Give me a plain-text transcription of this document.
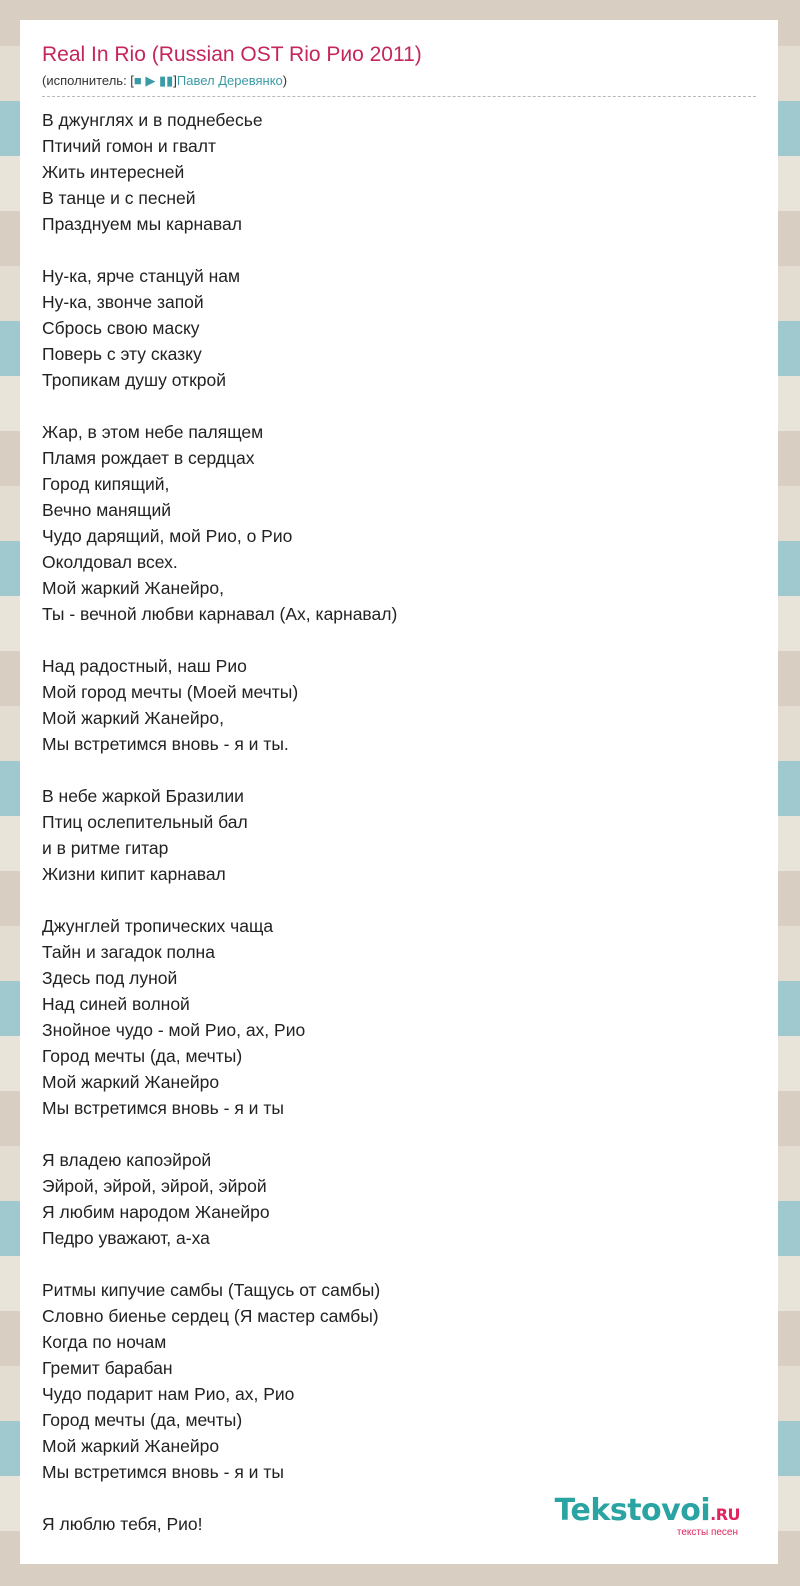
Real In Rio (Russian OST Rio Рио 2011)
(исполнитель: [■ ▶ ▮▮]Павел Деревянко)
В джунглях и в поднебесье
Птичий гомон и гвалт
Жить интересней
В танце и с песней
Празднуем мы карнавал
Ну-ка, ярче станцуй нам
Ну-ка, звонче запой
Сбрось свою маску
Поверь с эту сказку
Тропикам душу открой
Жар, в этом небе палящем
Пламя рождает в сердцах
Город кипящий,
Вечно манящий
Чудо дарящий, мой Рио, о Рио
Околдовал всех.
Мой жаркий Жанейро,
Ты - вечной любви карнавал (Ах, карнавал)
Над радостный, наш Рио
Мой город мечты (Моей мечты)
Мой жаркий Жанейро,
Мы встретимся вновь - я и ты.
В небе жаркой Бразилии
Птиц ослепительный бал
и в ритме гитар
Жизни кипит карнавал
Джунглей тропических чаща
Тайн и загадок полна
Здесь под луной
Над синей волной
Знойное чудо - мой Рио, ах, Рио
Город мечты (да, мечты)
Мой жаркий Жанейро
Мы встретимся вновь - я и ты
Я владею капоэйрой
Эйрой, эйрой, эйрой, эйрой
Я любим народом Жанейро
Педро уважают, а-ха
Ритмы кипучие самбы (Тащусь от самбы)
Словно биенье сердец (Я мастер самбы)
Когда по ночам
Гремит барабан
Чудо подарит нам Рио, ах, Рио
Город мечты (да, мечты)
Мой жаркий Жанейро
Мы встретимся вновь - я и ты
Я люблю тебя, Рио!	Tekstovoi.RU
тексты песен
